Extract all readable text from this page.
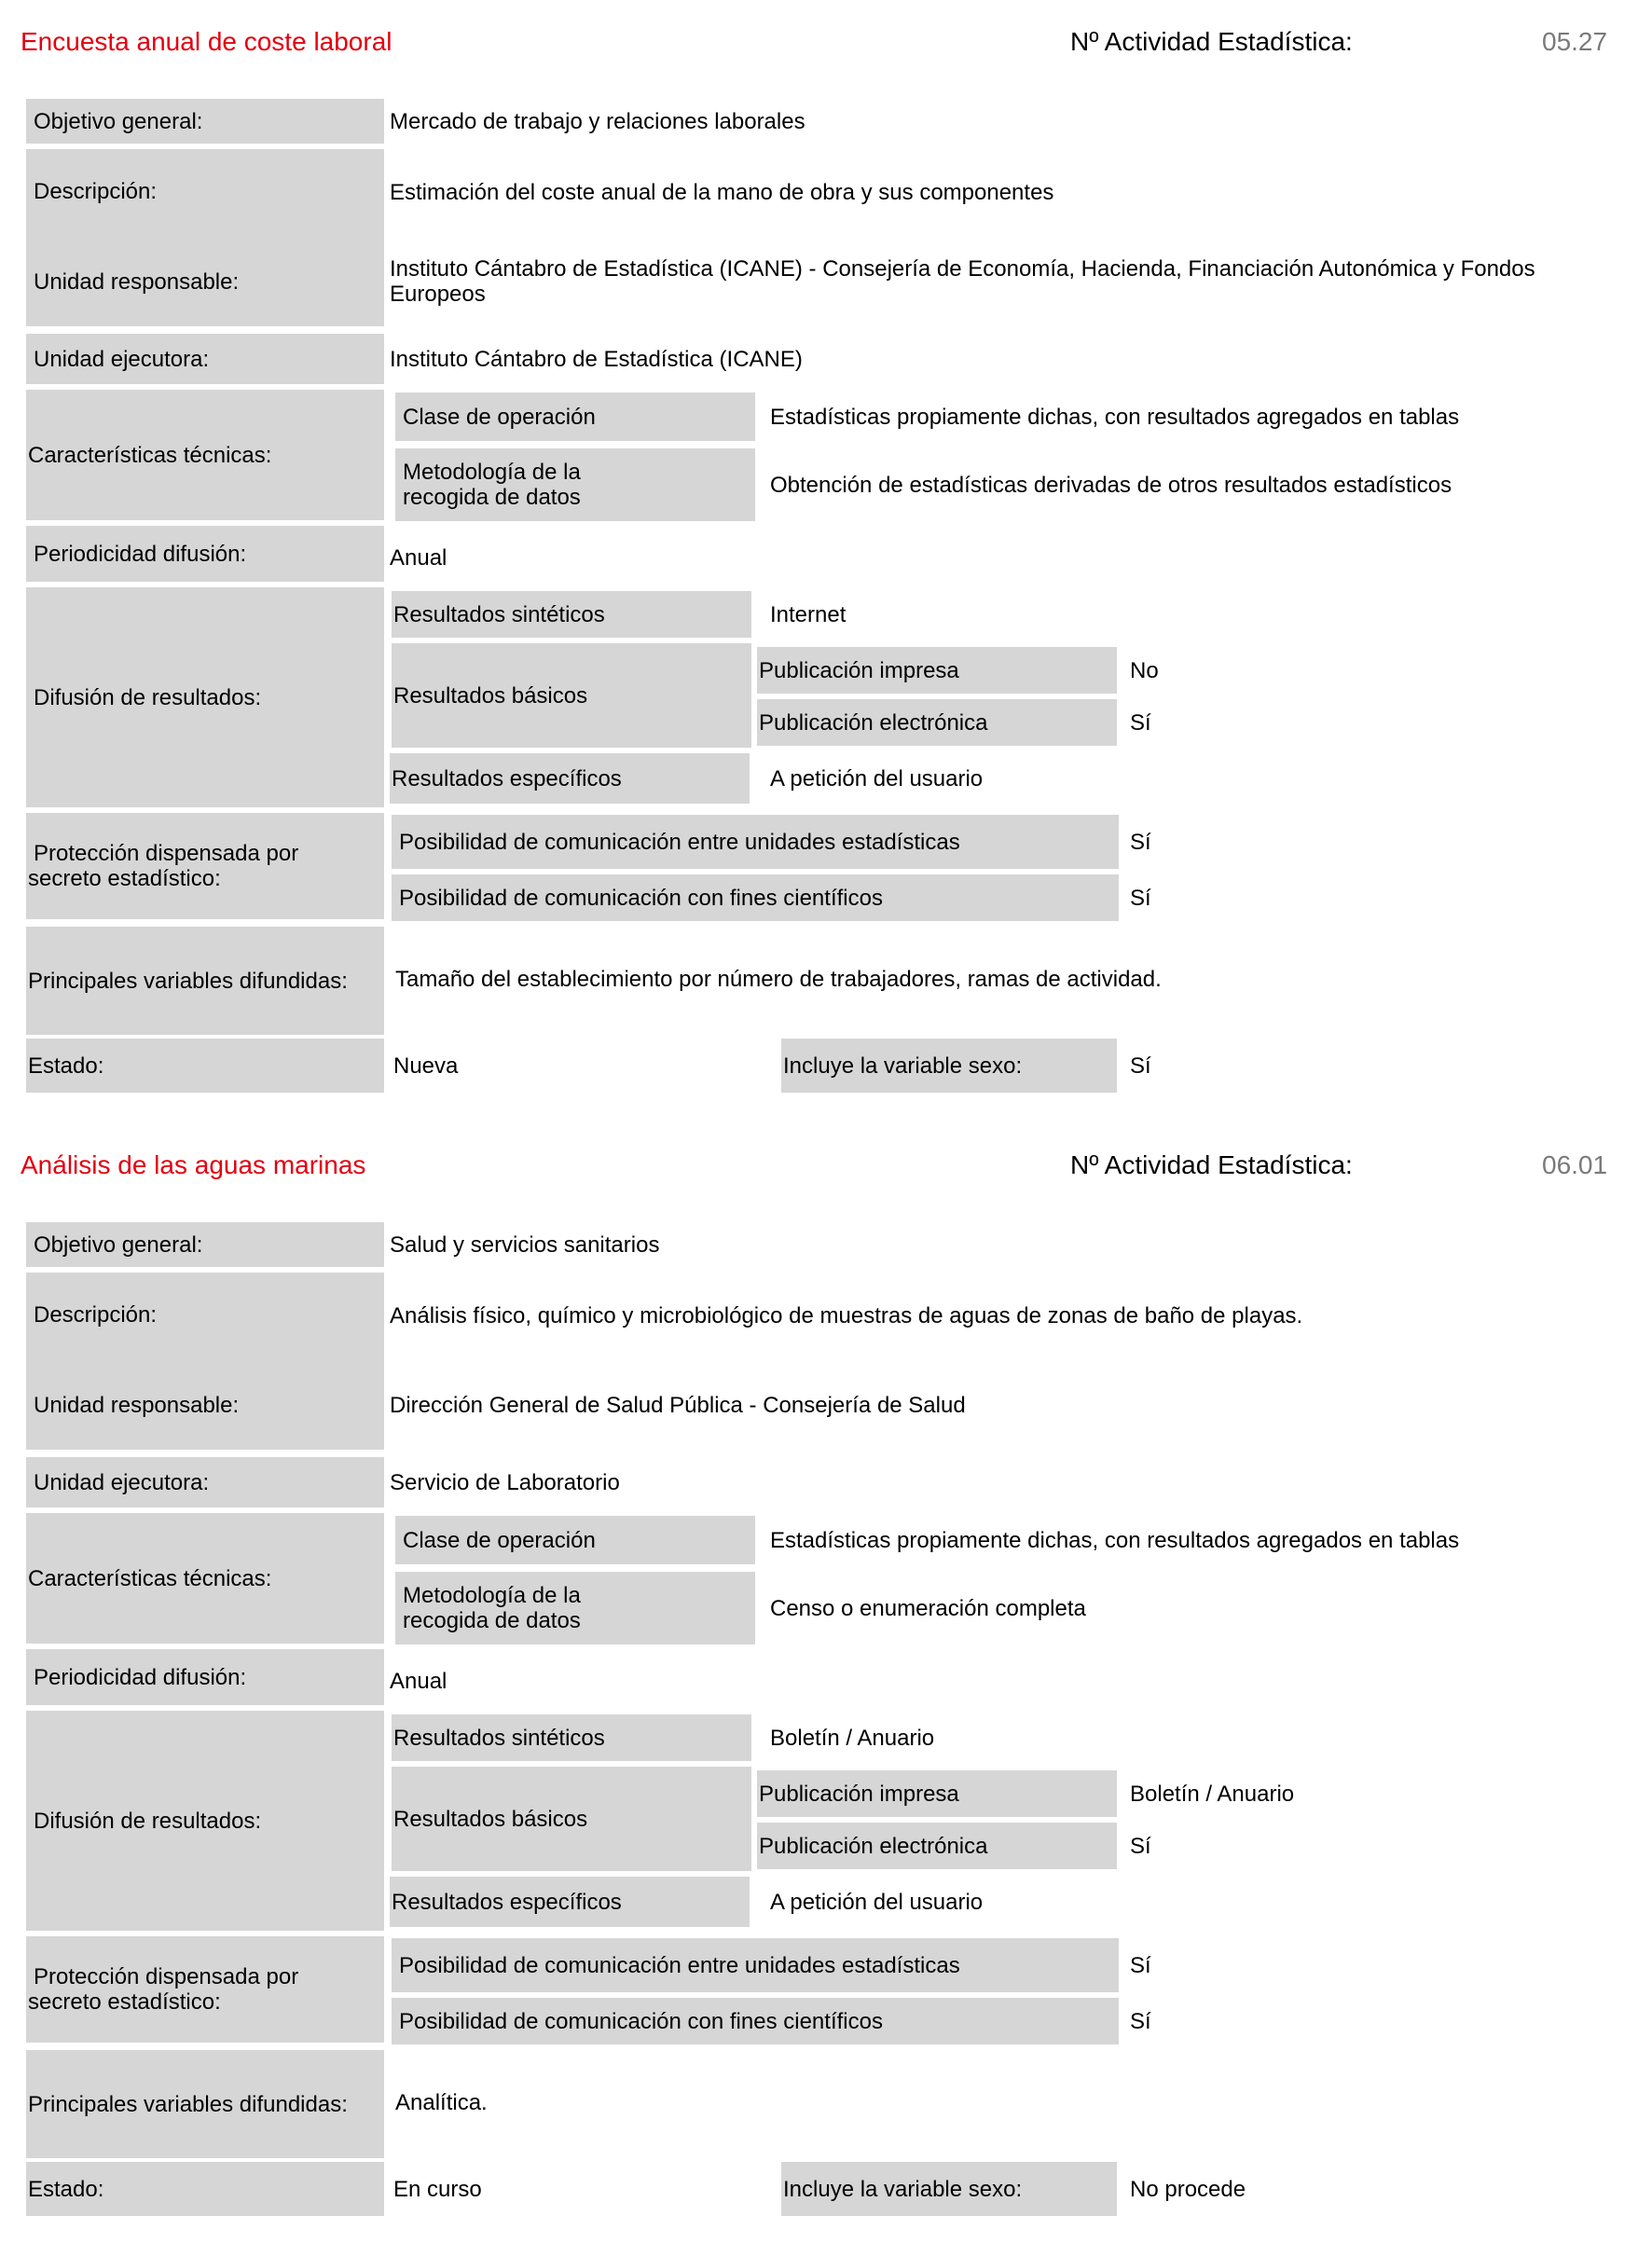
Encuesta anual de coste laboral	Nº Actividad Estadística:	05.27
Objetivo general:	Mercado de trabajo y relaciones laborales
Descripción:	Estimación del coste anual de la mano de obra y sus componentes
Unidad responsable:	Instituto Cántabro de Estadística (ICANE) - Consejería de Economía, Hacienda, Financiación Autonómica y Fondos Europeos
Unidad ejecutora:	Instituto Cántabro de Estadística (ICANE)
Características técnicas:
Clase de operación	Estadísticas propiamente dichas, con resultados agregados en tablas
Metodología de la
recogida de datos	Obtención de estadísticas derivadas de otros resultados estadísticos
Periodicidad difusión:	Anual
Difusión de resultados:
Resultados sintéticos	Internet
Resultados básicos
Publicación impresa	No
Publicación electrónica	Sí
Resultados específicos	A petición del usuario
Protección dispensada por
secreto estadístico:
Posibilidad de comunicación entre unidades estadísticas	Sí
Posibilidad de comunicación con fines científicos	Sí
Principales variables difundidas:	Tamaño del establecimiento por número de trabajadores, ramas de actividad.
Estado:	Nueva	Incluye la variable sexo:	Sí
Análisis de las aguas marinas	Nº Actividad Estadística:	06.01
Objetivo general:	Salud y servicios sanitarios
Descripción:	Análisis físico, químico y microbiológico de muestras de aguas de zonas de baño de playas.
Unidad responsable:	Dirección General de Salud Pública - Consejería de Salud
Unidad ejecutora:	Servicio de Laboratorio
Características técnicas:
Clase de operación	Estadísticas propiamente dichas, con resultados agregados en tablas
Metodología de la
recogida de datos	Censo o enumeración completa
Periodicidad difusión:	Anual
Difusión de resultados:
Resultados sintéticos	Boletín / Anuario
Resultados básicos
Publicación impresa	Boletín / Anuario
Publicación electrónica	Sí
Resultados específicos	A petición del usuario
Protección dispensada por
secreto estadístico:
Posibilidad de comunicación entre unidades estadísticas	Sí
Posibilidad de comunicación con fines científicos	Sí
Principales variables difundidas:	Analítica.
Estado:	En curso	Incluye la variable sexo:	No procede
